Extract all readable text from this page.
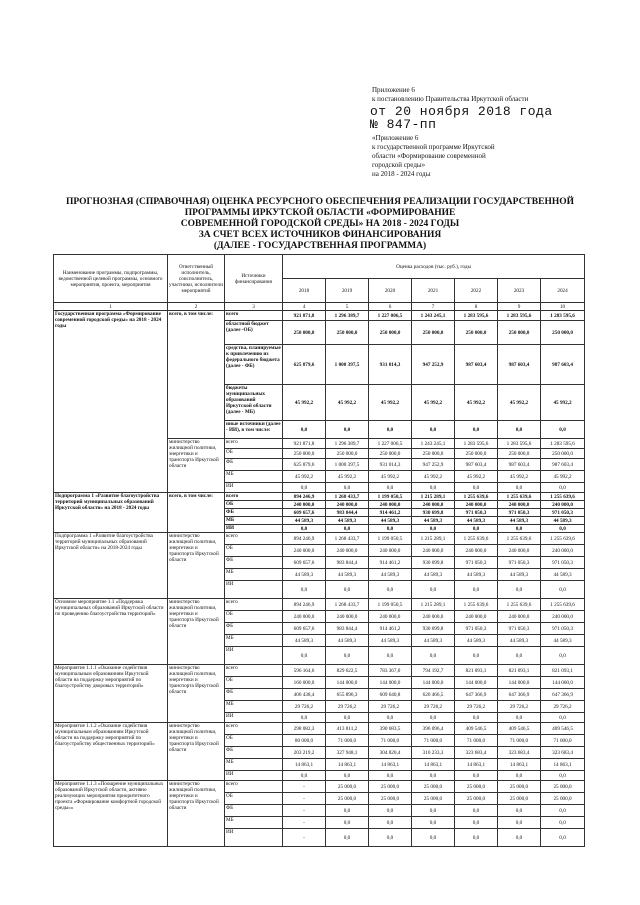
Приложение 6
к постановлению Правительства Иркутской области
от 20 ноября 2018 года
№ 847-пп
«Приложение 6
к государственной программе Иркутской
области «Формирование современной
городской среды»
на 2018 - 2024 годы
ПРОГНОЗНАЯ (СПРАВОЧНАЯ) ОЦЕНКА РЕСУРСНОГО ОБЕСПЕЧЕНИЯ РЕАЛИЗАЦИИ ГОСУДАРСТВЕННОЙ
ПРОГРАММЫ ИРКУТСКОЙ ОБЛАСТИ «ФОРМИРОВАНИЕ
СОВРЕМЕННОЙ ГОРОДСКОЙ СРЕДЫ» НА 2018 - 2024 ГОДЫ
ЗА СЧЕТ ВСЕХ ИСТОЧНИКОВ ФИНАНСИРОВАНИЯ
(ДАЛЕЕ - ГОСУДАРСТВЕННАЯ ПРОГРАММА)
Наименование программы, подпрограммы, ведомственной целевой программы, основного мероприятия, проекта, мероприятия	Ответственный исполнитель, соисполнитель, участники, исполнители мероприятий	Источники финансирования	Оценка расходов (тыс. руб.), годы						
			2018	2019	2020	2021	2022	2023	2024
1	2	3	4	5	6	7	8	9	10
Государственная программа «Формирование современной городской среды» на 2018 - 2024 годы	всего, в том числе:	всего	921 871,8	1 296 389,7	1 227 006,5	1 243 245,1	1 283 595,6	1 283 595,6	1 283 595,6
		областной бюджет (далее -ОБ)	250 000,0	250 000,0	250 000,0	250 000,0	250 000,0	250 000,0	250 000,0
		средства, планируемые к привлечению из федерального бюджета (далее - ФБ)	625 879,6	1 000 397,5	931 014,3	947 252,9	987 603,4	987 603,4	987 603,4
		бюджеты муниципальных образований Иркутской области (далее - МБ)	45 992,2	45 992,2	45 992,2	45 992,2	45 992,2	45 992,2	45 992,2
		иные источники (далее - ИИ), в том числе:	0,0	0,0	0,0	0,0	0,0	0,0	0,0
	министерство жилищной политики, энергетики и транспорта Иркутской области	всего	921 871,8	1 296 389,7	1 227 006,5	1 243 245,1	1 283 595,6	1 283 595,6	1 283 595,6
		ОБ	250 000,0	250 000,0	250 000,0	250 000,0	250 000,0	250 000,0	250 000,0
		ФБ	625 879,6	1 000 397,5	931 014,3	947 252,9	987 603,4	987 603,4	987 603,4
		МБ	45 992,2	45 992,2	45 992,2	45 992,2	45 992,2	45 992,2	45 992,2
		ИИ	0,0	0,0	0,0	0,0	0,0	0,0	0,0
Подпрограмма 1 «Развитие благоустройства территорий муниципальных образований Иркутской области» на 2018 - 2024 годы	всего, в том числе:	всего	894 246,9	1 268 433,7	1 199 050,5	1 215 289,1	1 255 639,6	1 255 639,6	1 255 639,6
		ОБ	240 000,0	240 000,0	240 000,0	240 000,0	240 000,0	240 000,0	240 000,0
		ФБ	609 657,6	983 844,4	914 461,2	930 699,8	971 050,3	971 050,3	971 050,3
		МБ	44 589,3	44 589,3	44 589,3	44 589,3	44 589,3	44 589,3	44 589,3
		ИИ	0,0	0,0	0,0	0,0	0,0	0,0	0,0
Подпрограмма 1 «Развитие благоустройства территорий муниципальных образований Иркутской области» на 2018-2024 годы	министерство жилищной политики, энергетики и транспорта Иркутской области	всего	894 246,9	1 268 433,7	1 199 050,5	1 215 289,1	1 255 639,6	1 255 639,6	1 255 639,6
		ОБ	240 000,0	240 000,0	240 000,0	240 000,0	240 000,0	240 000,0	240 000,0
		ФБ	609 657,6	983 844,4	914 461,2	930 699,8	971 050,3	971 050,3	971 050,3
		МБ	44 589,3	44 589,3	44 589,3	44 589,3	44 589,3	44 589,3	44 589,3
		ИИ	0,0	0,0	0,0	0,0	0,0	0,0	0,0
Основное мероприятие 1.1 «Поддержка муниципальных образований Иркутской области по проведению благоустройства территорий»	министерство жилищной политики, энергетики и транспорта Иркутской области	всего	894 246,9	1 268 433,7	1 199 050,5	1 215 289,1	1 255 639,6	1 255 639,6	1 255 639,6
		ОБ	240 000,0	240 000,0	240 000,0	240 000,0	240 000,0	240 000,0	240 000,0
		ФБ	609 657,6	983 844,4	914 461,2	930 699,8	971 050,3	971 050,3	971 050,3
		МБ	44 589,3	44 589,3	44 589,3	44 589,3	44 589,3	44 589,3	44 589,3
		ИИ	0,0	0,0	0,0	0,0	0,0	0,0	0,0
Мероприятие 1.1.1 «Оказание содействия муниципальным образованиям Иркутской области на поддержку мероприятий по благоустройству дворовых территорий»	министерство жилищной политики, энергетики и транспорта Иркутской области	всего	596 164,6	829 622,5	783 367,0	794 192,7	821 093,1	821 093,1	821 093,1
		ОБ	160 000,0	144 000,0	144 000,0	144 000,0	144 000,0	144 000,0	144 000,0
		ФБ	406 438,4	655 896,3	609 640,8	620 466,5	647 366,9	647 366,9	647 366,9
		МБ	29 726,2	29 726,2	29 726,2	29 726,2	29 726,2	29 726,2	29 726,2
		ИИ	0,0	0,0	0,0	0,0	0,0	0,0	0,0
Мероприятие 1.1.2 «Оказание содействия муниципальным образованиям Иркутской области на поддержку мероприятий по благоустройству общественных территорий»	министерство жилищной политики, энергетики и транспорта Иркутской области	всего	298 082,3	413 811,2	390 683,5	396 096,4	409 546,5	409 546,5	409 546,5
		ОБ	80 000,0	71 000,0	71 000,0	71 000,0	71 000,0	71 000,0	71 000,0
		ФБ	203 219,2	327 948,1	304 820,4	310 233,3	323 683,4	323 683,4	323 683,4
		МБ	14 863,1	14 863,1	14 863,1	14 863,1	14 863,1	14 863,1	14 863,1
		ИИ	0,0	0,0	0,0	0,0	0,0	0,0	0,0
Мероприятие 1.1.3 «Поощрение муниципальных образований Иркутской области, активно реализующих мероприятия приоритетного проекта «Формирование комфортной городской среды»»	министерство жилищной политики, энергетики и транспорта Иркутской области	всего	-	25 000,0	25 000,0	25 000,0	25 000,0	25 000,0	25 000,0
		ОБ	-	25 000,0	25 000,0	25 000,0	25 000,0	25 000,0	25 000,0
		ФБ	-	0,0	0,0	0,0	0,0	0,0	0,0
		МБ	-	0,0	0,0	0,0	0,0	0,0	0,0
		ИИ	-	0,0	0,0	0,0	0,0	0,0	0,0
